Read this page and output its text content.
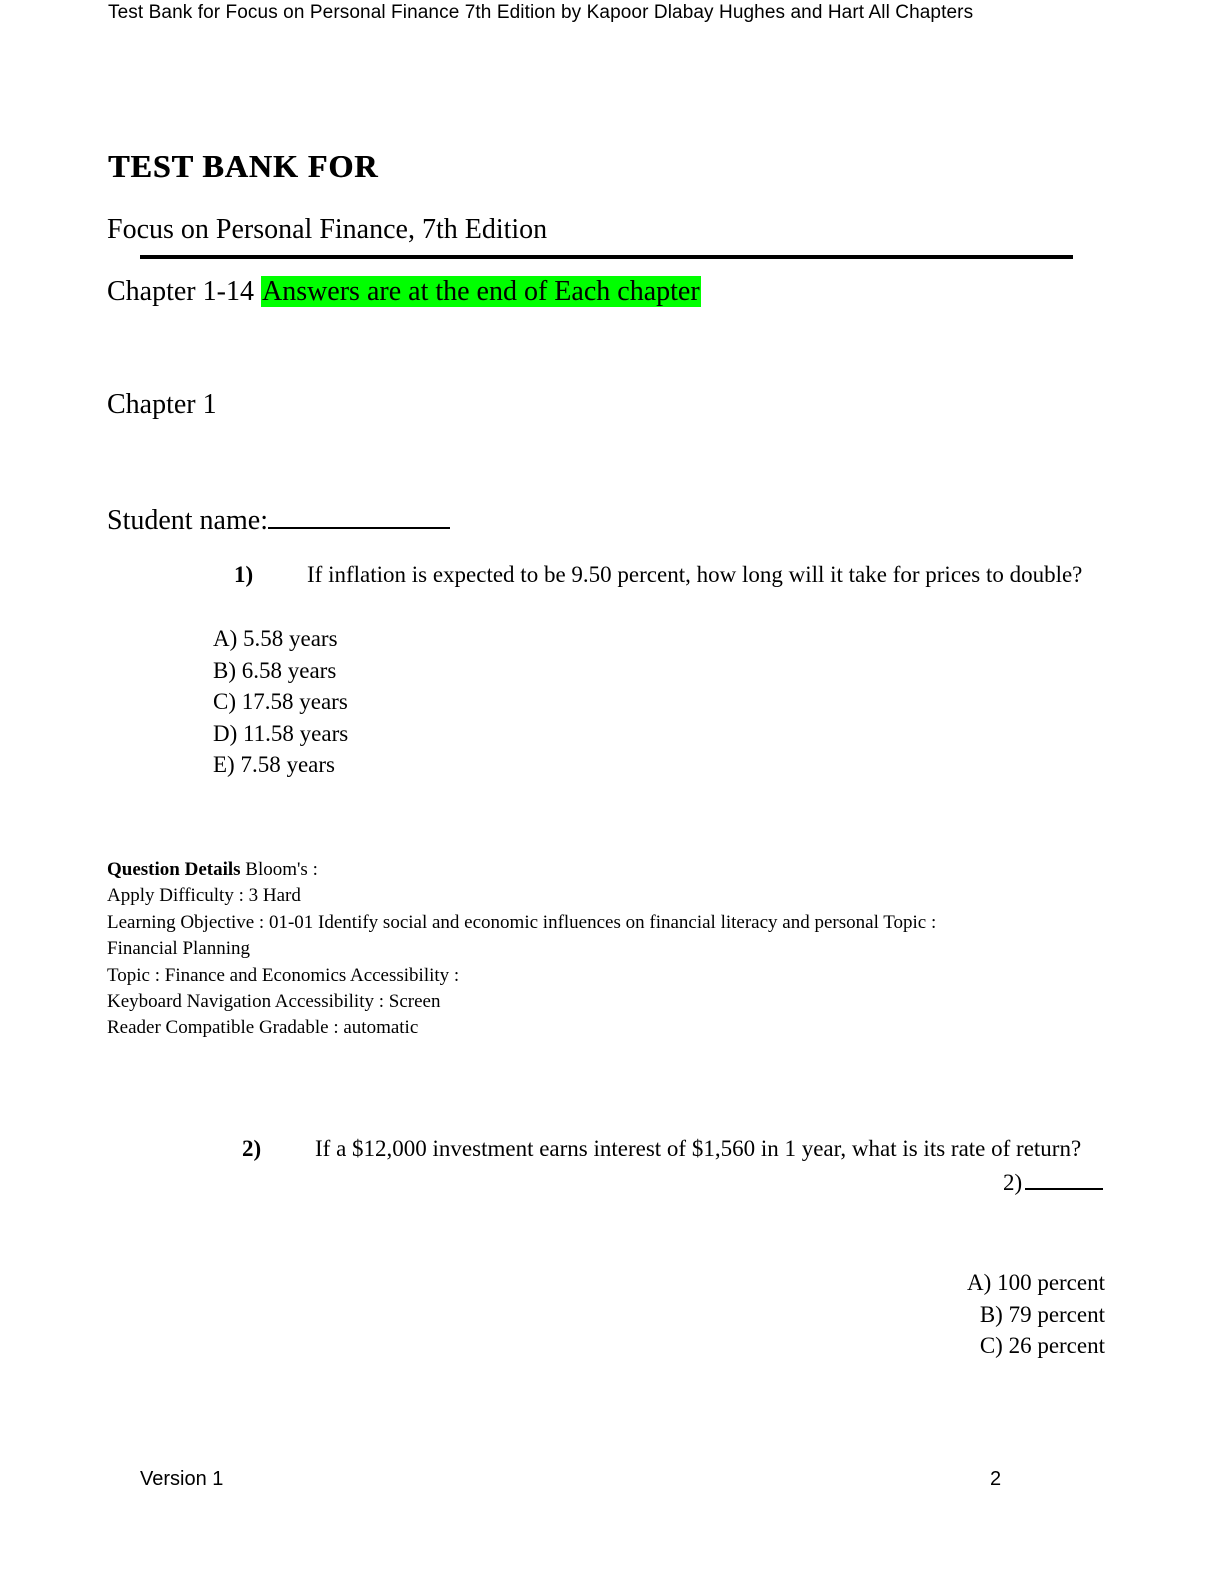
Test Bank for Focus on Personal Finance 7th Edition by Kapoor Dlabay Hughes and Hart All Chapters
TEST BANK FOR
Focus on Personal Finance, 7th Edition
Chapter 1-14 Answers are at the end of Each chapter
Chapter 1
Student name:
1) If inflation is expected to be 9.50 percent, how long will it take for prices to double?
A) 5.58 years
B) 6.58 years
C) 17.58 years
D) 11.58 years
E) 7.58 years
Question Details Bloom's :
Apply Difficulty : 3 Hard
Learning Objective : 01-01 Identify social and economic influences on financial literacy and personal Topic :
Financial Planning
Topic : Finance and Economics Accessibility :
Keyboard Navigation Accessibility : Screen
Reader Compatible Gradable : automatic
2) If a $12,000 investment earns interest of $1,560 in 1 year, what is its rate of return?
2)
A) 100 percent
B) 79 percent
C) 26 percent
Version 1	2
